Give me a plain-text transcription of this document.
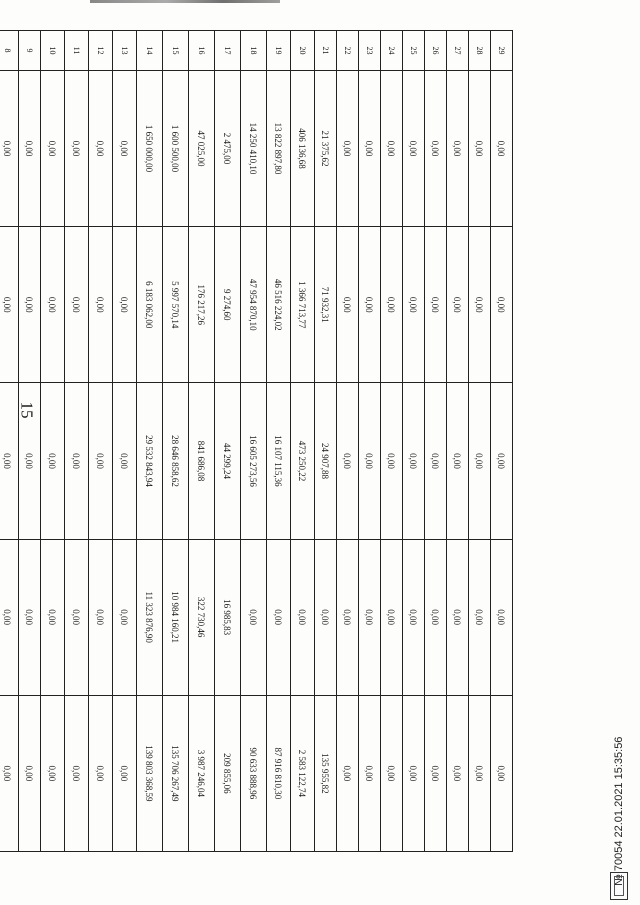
15
29	0,00	0,00	0,00	0,00	0,00
28	0,00	0,00	0,00	0,00	0,00
27	0,00	0,00	0,00	0,00	0,00
26	0,00	0,00	0,00	0,00	0,00
25	0,00	0,00	0,00	0,00	0,00
24	0,00	0,00	0,00	0,00	0,00
23	0,00	0,00	0,00	0,00	0,00
22	0,00	0,00	0,00	0,00	0,00
21	21 375,62	71 932,31	24 907,88	0,00	135 955,82
20	406 136,68	1 366 713,77	473 250,22	0,00	2 583 122,74
19	13 822 897,80	46 516 224,02	16 107 115,36	0,00	87 916 810,30
18	14 250 410,10	47 954 870,10	16 605 273,56	0,00	90 633 888,96
17	2 475,00	9 274,60	44 299,24	16 985,83	209 855,06
16	47 025,00	176 217,26	841 686,08	322 730,46	3 987 246,04
15	1 600 500,00	5 997 570,14	28 646 858,62	10 984 160,21	135 706 267,49
14	1 650 000,00	6 183 062,00	29 532 843,94	11 323 876,90	139 803 368,59
13	0,00	0,00	0,00	0,00	0,00
12	0,00	0,00	0,00	0,00	0,00
11	0,00	0,00	0,00	0,00	0,00
10	0,00	0,00	0,00	0,00	0,00
9	0,00	0,00	0,00	0,00	0,00
8	0,00	0,00	0,00	0,00	0,00

						№ 70054 22.01.2021 15:35:56
